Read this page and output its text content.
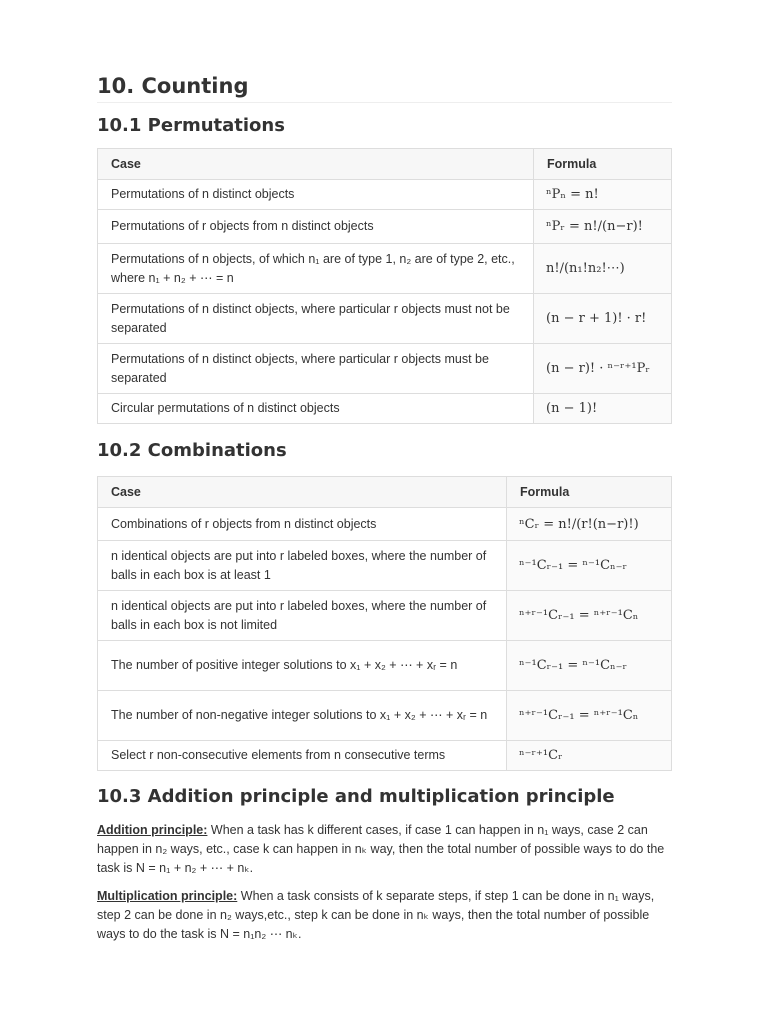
10. Counting
10.1 Permutations
Case	Formula
Permutations of n distinct objects	ⁿPₙ = n!
Permutations of r objects from n distinct objects	ⁿPᵣ = n!/(n−r)!
Permutations of n objects, of which n₁ are of type 1, n₂ are of type 2, etc., where n₁ + n₂ + ⋯ = n	n!/(n₁!n₂!⋯)
Permutations of n distinct objects, where particular r objects must not be separated	(n − r + 1)! · r!
Permutations of n distinct objects, where particular r objects must be separated	(n − r)! · ⁿ⁻ʳ⁺¹Pᵣ
Circular permutations of n distinct objects	(n − 1)!
10.2 Combinations
Case	Formula
Combinations of r objects from n distinct objects	ⁿCᵣ = n!/(r!(n−r)!)
n identical objects are put into r labeled boxes, where the number of balls in each box is at least 1	ⁿ⁻¹Cᵣ₋₁ = ⁿ⁻¹Cₙ₋ᵣ
n identical objects are put into r labeled boxes, where the number of balls in each box is not limited	ⁿ⁺ʳ⁻¹Cᵣ₋₁ = ⁿ⁺ʳ⁻¹Cₙ
The number of positive integer solutions to x₁ + x₂ + ⋯ + xᵣ = n	ⁿ⁻¹Cᵣ₋₁ = ⁿ⁻¹Cₙ₋ᵣ
The number of non-negative integer solutions to x₁ + x₂ + ⋯ + xᵣ = n	ⁿ⁺ʳ⁻¹Cᵣ₋₁ = ⁿ⁺ʳ⁻¹Cₙ
Select r non-consecutive elements from n consecutive terms	ⁿ⁻ʳ⁺¹Cᵣ
10.3 Addition principle and multiplication principle

Addition principle: When a task has k different cases, if case 1 can happen in n₁ ways, case 2 can happen in n₂ ways, etc., case k can happen in nₖ way, then the total number of possible ways to do the task is N = n₁ + n₂ + ⋯ + nₖ.

Multiplication principle: When a task consists of k separate steps, if step 1 can be done in n₁ ways, step 2 can be done in n₂ ways,etc., step k can be done in nₖ ways, then the total number of possible ways to do the task is N = n₁n₂ ⋯ nₖ.
